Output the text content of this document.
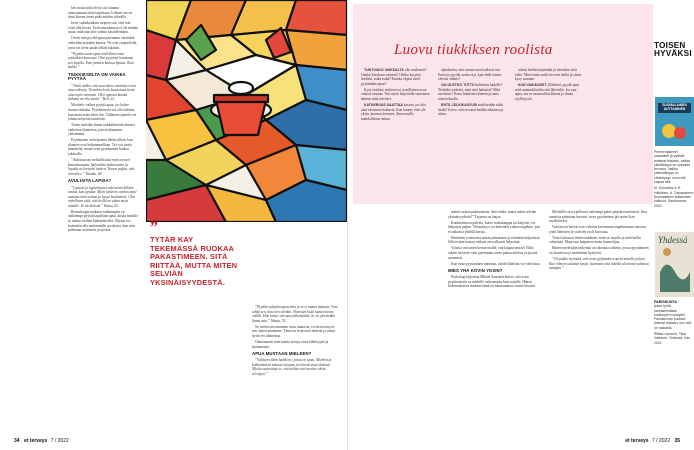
kin, mutta joka elvisi siis tottunut onnistumaan omia tarpeitaan. Iriilmat tuo on tiimi iloisen tavan pitää erittäin sitkeällä.

Josef vahinkonkuin tarpeen sitä, ettei hän voisi olla kovaa. Tuola maailmassa ei ole mitään asiaa, mitä hän olisi valmis käsittelemään.

Ovetti niin pyytää apua paremmin varsinkin vaikeiden asioiden kanssa. Ne ovat sisäpuolella, josta voi kerta saada selkeä takaisin.

”Pyydän usein apua mielelläni ensin ystäviltäni kanssani. Olen pyytänyt huomasin sen lopulla. Ensi juoksen kanssa lipusta. Ihan kaikki.”

TIUKKIKSELTA ON VAIKEA PYYTÄÄ

”Tiedä ettäkö, että saat tukea sisarukset ovat aina vahvoja. Tietenkin heitä haastetaan heitä aina myös varmasti. Olen oppinut kuinka tärkeää on olla avoin.” Heli, 61.

Mietitele: vaikea pyytää apua, jos kokee itsensä tiukaksi. Pyytämisestä voi olla tiukkaa, kun moni asiaa tekee itse. Tällainen ajattelu voi johtaa erityisiin tunteisiin.

Toisin myöskin ilman tiukkailmiöitä ihmiset vaikeissa tilanteissa, joita kohtaamme yleisimmin.

Pyytäminen on helpointa tehdä silloin, kun tilanteet ovat helpoimmillaan. Työ voi tuoda jännitteitä, mutta avun pyytäminen kuuluu jokaiselle.

”Aukeutuessa meikäläisissä myös tunteet kannustamaan, hälytetään halutessaan ja lopulta ne kertyvät tietäen. Toivon paljon, että niin tulee.” Tiinaku, 68.

AVULIAITA LAPSIA?

”Lapseni ja lapsenlapset tulevat mielellään avuksi, kun pyydän. Myös tyttäreni vanhin lapsi muistaa aina soittaa ja kysyä kuulumiset. Olen onnellinen siitä, että heillä on aikaa myös minulle. Se on tärkeää.” Kaisa, 65.

Rosenborgin mukaan vanhempien on vaikeampi pyytää lapsiltaan apua, koska monille se tuntuu roolien kääntymiseltä. Ohjaus voi kuitenkin olla molemmille arvokasta, kun siitä puhutaan avoimesti ja ajoissa.	”
TYTÄR KAY TEKEMÄSSÄ RUOKAA PAKASTIMEEN. SITÄ RIITTÄÄ, MUTTA MITEN SELVIÄN YKSINÄISYYDESTÄ.

”Pyydän nykyään apua aina ja se ei muuta minusta. Voin tehdä sen, kun olen olenkin. Yhteistyö lisää lapsen luotto välillä. Hän tuntee olevansa lähempänä. Se on yleensäkin ihana asia.” Marja, 76.

Se, mitten arvostamme avun saamista, voi kertoa myös sen, miten annamme. Tämä on erityisesti tärkeää ja toimii hyvin eri tilanteissa.

Onnistuneen tuen kautta syntyy aitoa läheisyyttä ja luottamusta.

APUA MUSTAAN MIELEEN?

”Valitsen yöhön kaikki ne, joista on apua. Mieheni ja kodinomaiset tukevat toisiaan ja tekevät asiat yhdessä. Mieltä rauhoittaa se, että tiedän ettei tarvitse yksin selviytyä.”

34 et terveys 7 / 2022
Luovu tiukkiksen roolista

TUNTUUKO VAIKEALTA olla avuliaasti? Otatko kiitoksen vastaan? Oletko kysynyt itseltäsi, mikä estää? Kuinka ohjaat itsesi pyytämään apua?

Kysy itseltäsi, mitä toivot ja millaisen avun ottaisit vastaan. Voit myös harjoitella sanomaan ääneen mitä tarvitset.

KATKERUUS SAATTAA kasvaa, jos olet aina vastuussa kaikesta. Kun tunnet, ettet ole yksin, kuorma kevenee. Anna muille mahdollisuus auttaa.

ajatuksesta, että vastaat aina kaikesta itse. Entä jos pyydät avuksi nyt, kun ehdit tuntea olevasi valmis?

VAI OLETKO TUTTU kohteesta kaikille? Tietääkö ystäväsi, mitä sinä haluaisit? Mitä tarvitsisit? Kerro haluistasi ääneen ja anna toisten kuulla.

ENTÄ JÄLKIKASVUSI mitä heidän tulisi tietää? Kerro, että arvostat heidän aikaansa ja tukea.

odotat heidän käyntiään ja oletuskin siitä tulee. Mieti ensin mitä toivoisit heiltä ja sitten kysy suoraan.

KUN VAIKEUDET yllättävät, pyydä apua sekä ammattilaisilta että läheisiltä. Jos saat apua, ota se vastaan kiitollisena ja ilman syyllisyyttä.

määrä ruokaa pakastimeen. Sitä riittää, mutta miten selviän yksinäisyydestä?” Tarjonta on laajaa.

Konkreettinen palvelu, kuten ruokakauppa tai kuljetus, voi helpottaa paljon. Yksinäisyys on kuitenkin vaikea ongelma, jota ei ratkaista yhdellä kertaa.

Henkinen voimavara auttaa jaksamaan ja etsimään helpotusta. Silloin ajan kanssa vaikeat asiat alkavat helpottua.

Voisiko vaivaisen kertoa muille, että kaipaa seuraa? Ehkä oikein tarvitsee vain paremman tavan puhua asioista ja pyytää avoimesti.

Kun avun pyytäminen onnistuu, suhde läheisiin voi vahvistua.

MIES YHÄ KOVIN YKSIN?

Psykologi kirjoittaa Mikael Saarinen kertoo, että avun pyytämisestä on miehille vaikeampaa kuin naisille. Hänen kokemuksensa mukaan tämä on muuttumassa, mutta hitaasti.

Mieheillä on tyypillisesti vahvempi paine pärjätä itsenäisesti. Kun tunteista puhutaan harvoin, avun pyytäminen jää usein liian myöhäiseksi.

Vain hyvin harvat ovat valmiita kertomaan ongelmistaan suoraan, joten läheisten ja ystävien rooli korostuu.

Toiset haluavat tietää etukäteen, mitä on tarjolla ja mitä heiltä odotetaan. Muut taas kaipaavat ensin kuuntelijaa.

Hänen mielestään tärkeintä on rakentaa suhteita, joissa pyytäminen on luontevaa ja molemmat hyötyvät.

”On pakko myöntää, että avun pyytäminen opetti minulle paljon. Kun viimein uskalsin kysyä, huomasin että lähellä oli monta valmista auttajaa.”

et terveys 7 / 2022 35
TOISEN HYVÄKSI
SUOMALAINEN AUTTAMINEN
Perheenjäsenet, sukulaiset ja ystävät auttavat toisiaan, vaikka yksilöllisyys on nykyään arvossa. Vaikka yhteisöllisyys on vähentynyt, moni silti kaipaa sitä.
M. Doncellas & H. Häkkinen, A. Tossavainen: Suomalainen auttamisen kulttuuri, Gaudeamus 2020.
Yhdessä
PARISKUNTA
tekee työtä parhaimmillaan molempien hyödyksi. Pariskunnan puolisot tukevat toisiaan, kun arki on raskasta.
Riikka Juvonen, Tiina Valtonen: Yhdessä, Into 2021.
